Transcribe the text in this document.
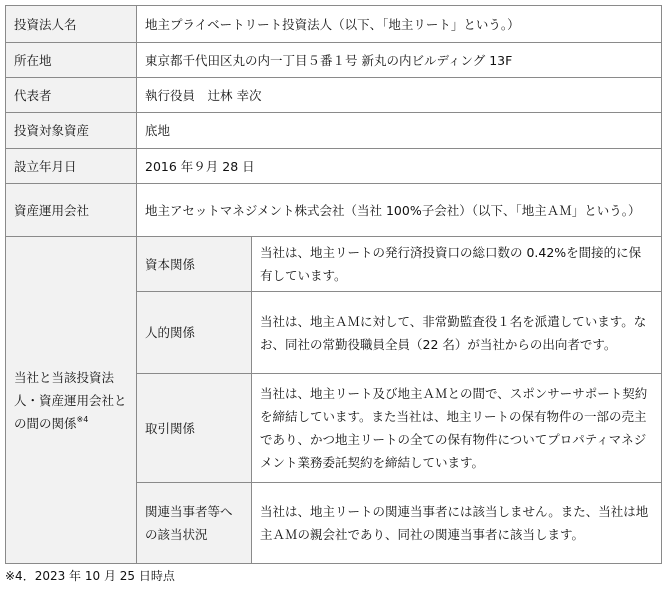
投資法人名	地主プライベートリート投資法人（以下、「地主リート」という。）	
所在地	東京都千代田区丸の内一丁目５番１号 新丸の内ビルディング 13F	
代表者	執行役員　辻林 幸次	
投資対象資産	底地	
設立年月日	2016 年９月 28 日	
資産運用会社	地主アセットマネジメント株式会社（当社 100%子会社）（以下、「地主ＡＭ」という。）	
当社と当該投資法人・資産運用会社との間の関係$^{※4}$	資本関係	当社は、地主リートの発行済投資口の総口数の 0.42%を間接的に保有しています。
	人的関係	当社は、地主ＡＭに対して、非常勤監査役１名を派遣しています。なお、同社の常勤役職員全員（22 名）が当社からの出向者です。
	取引関係	当社は、地主リート及び地主ＡＭとの間で、スポンサーサポート契約を締結しています。また当社は、地主リートの保有物件の一部の売主であり、かつ地主リートの全ての保有物件についてプロパティマネジメント業務委託契約を締結しています。
	関連当事者等への該当状況	当社は、地主リートの関連当事者には該当しません。また、当社は地主ＡＭの親会社であり、同社の関連当事者に該当します。
※4．2023 年 10 月 25 日時点
